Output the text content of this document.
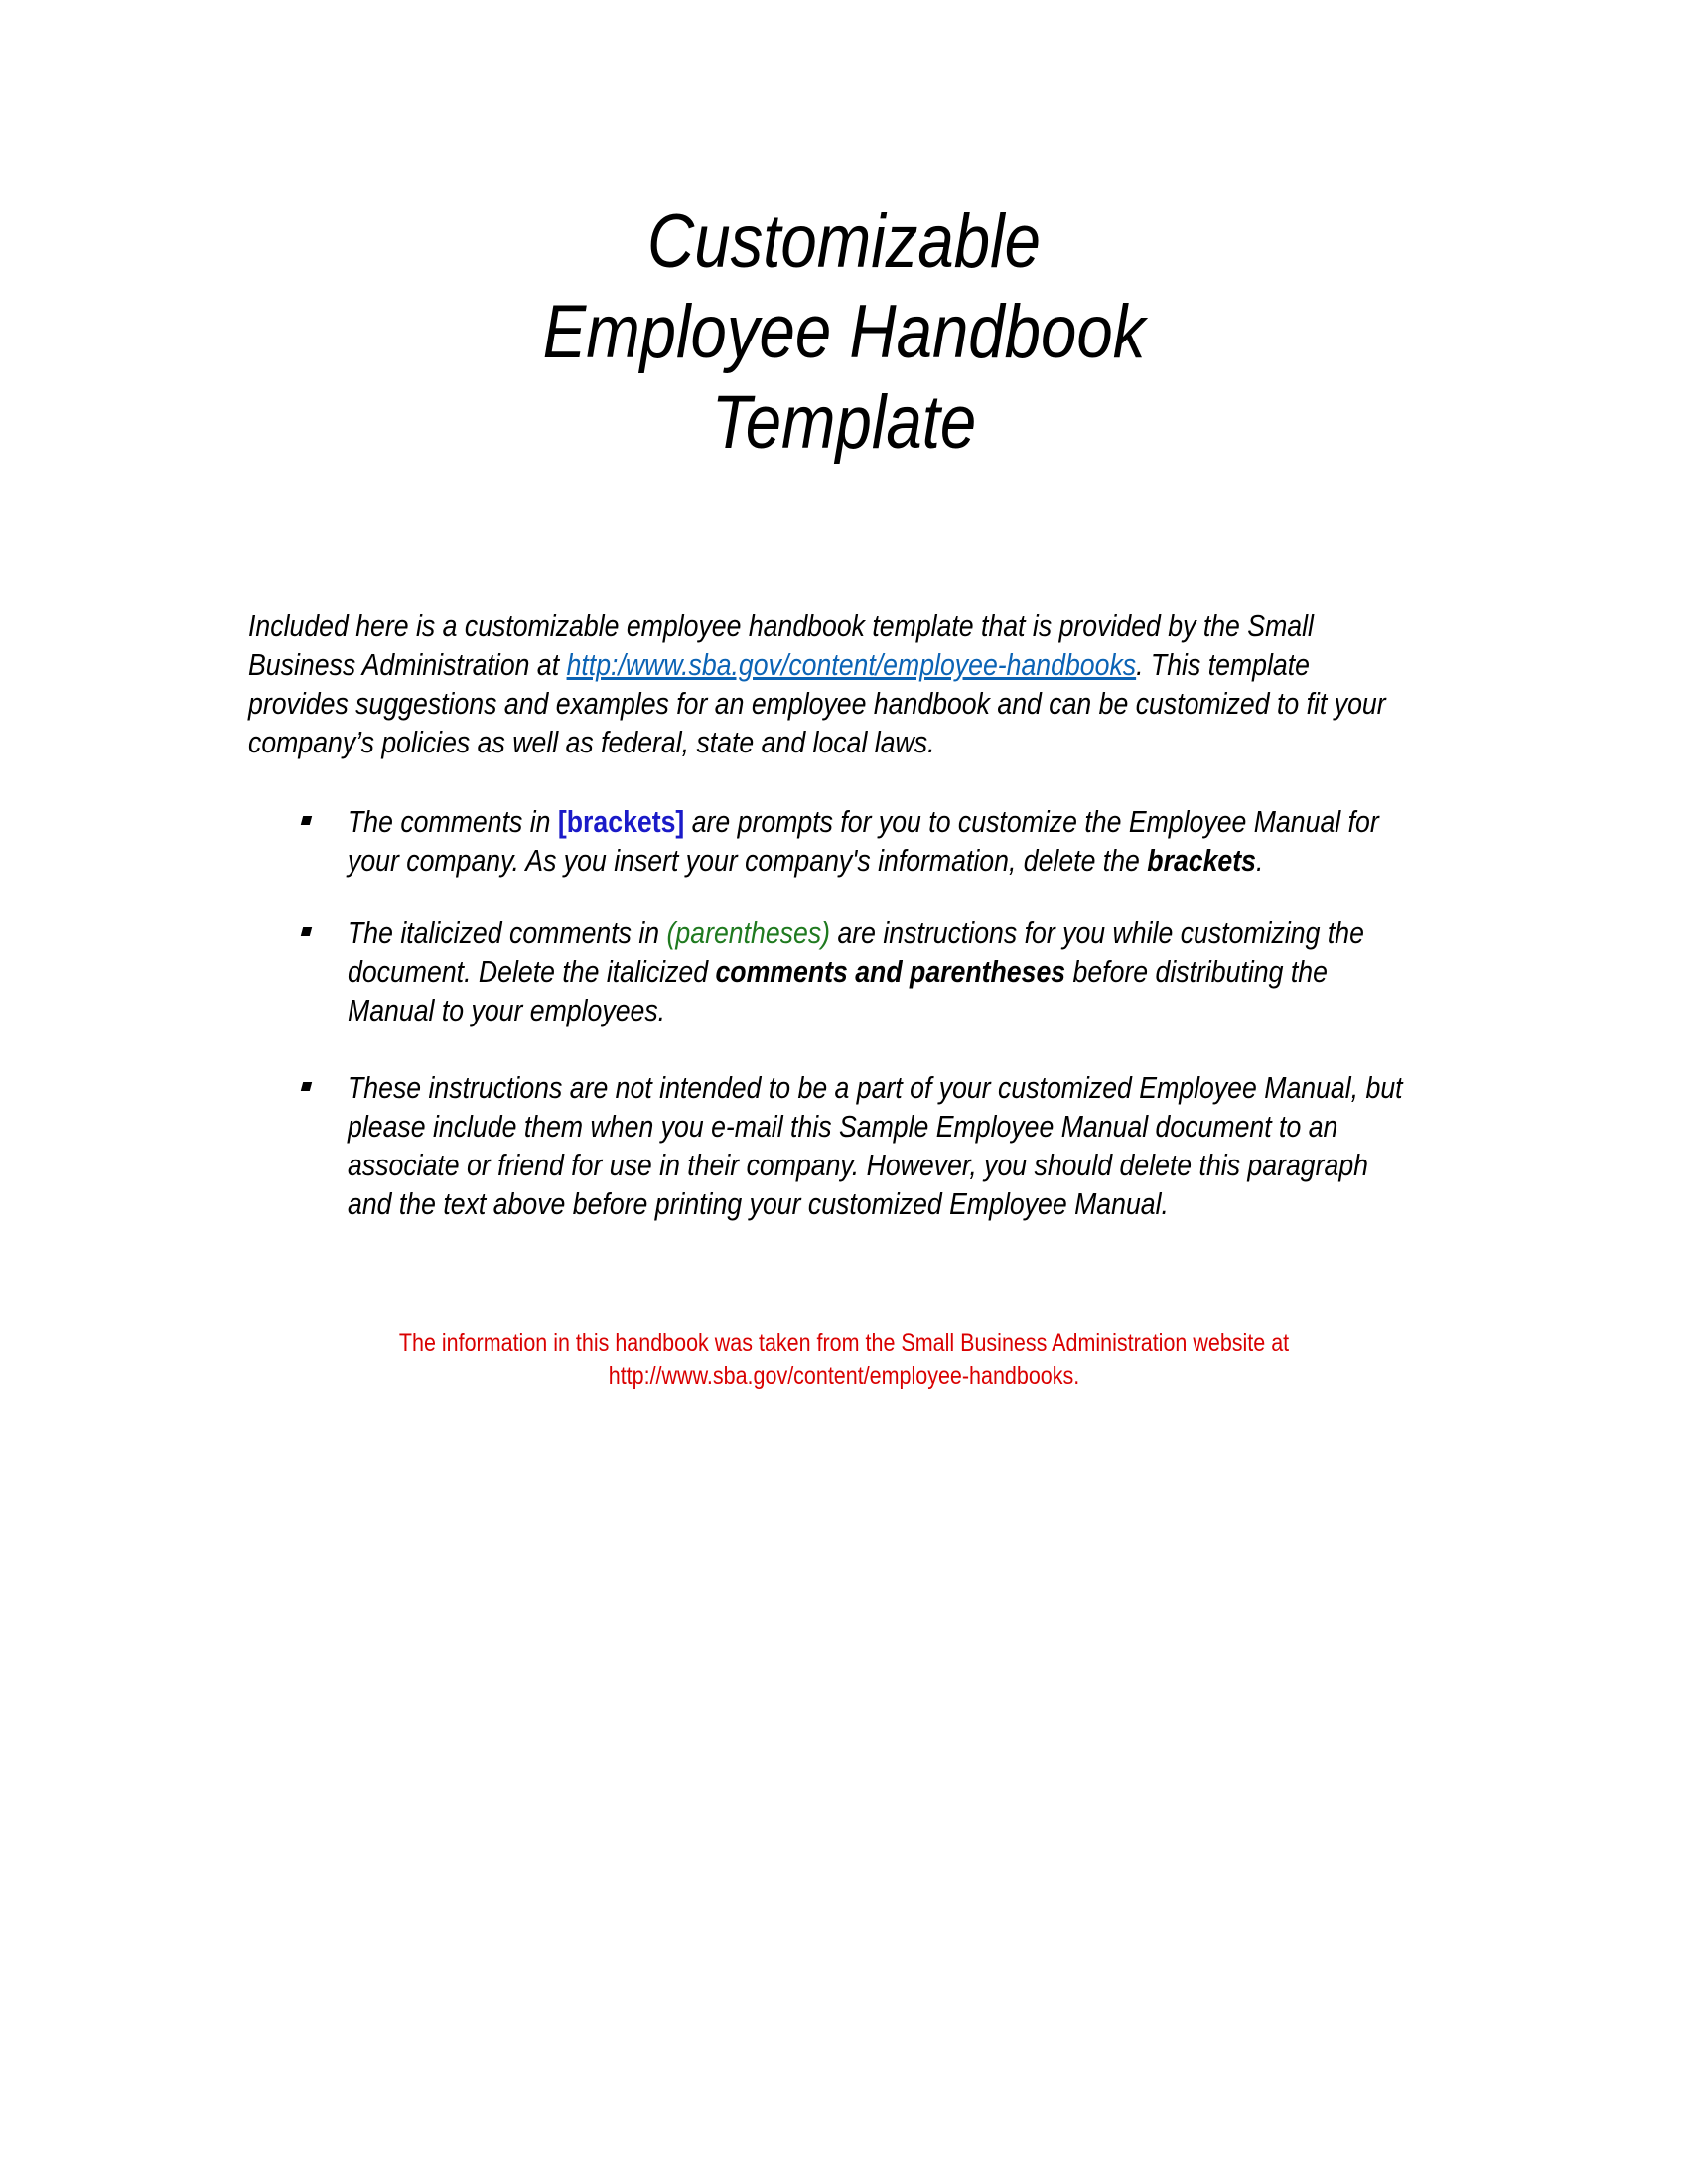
Customizable
Employee Handbook
Template
Included here is a customizable employee handbook template that is provided by the Small
Business Administration at http:/www.sba.gov/content/employee-handbooks. This template
provides suggestions and examples for an employee handbook and can be customized to fit your
company’s policies as well as federal, state and local laws.
The comments in [brackets] are prompts for you to customize the Employee Manual for
your company. As you insert your company's information, delete the brackets.
The italicized comments in (parentheses) are instructions for you while customizing the
document. Delete the italicized comments and parentheses before distributing the
Manual to your employees.
These instructions are not intended to be a part of your customized Employee Manual, but
please include them when you e-mail this Sample Employee Manual document to an
associate or friend for use in their company. However, you should delete this paragraph
and the text above before printing your customized Employee Manual.
The information in this handbook was taken from the Small Business Administration website at
http://www.sba.gov/content/employee-handbooks.
